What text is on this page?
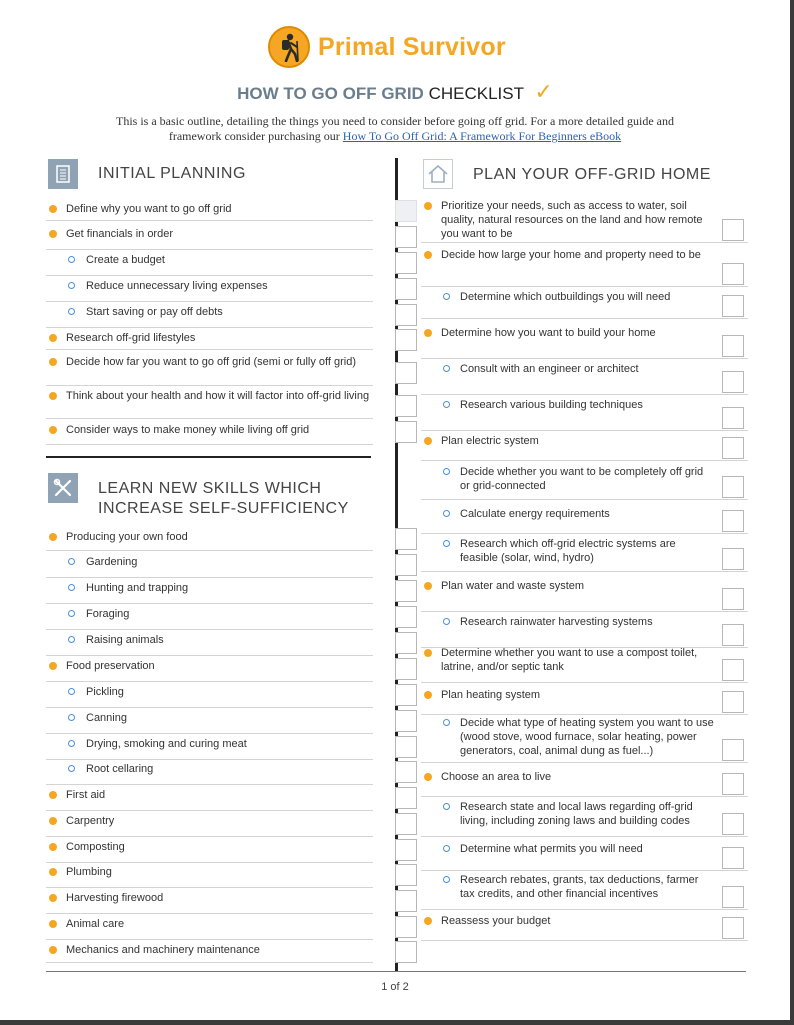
Primal Survivor
HOW TO GO OFF GRID CHECKLIST ✓
This is a basic outline, detailing the things you need to consider before going off grid. For a more detailed guide and framework consider purchasing our How To Go Off Grid: A Framework For Beginners eBook
INITIAL PLANNING
LEARN NEW SKILLS WHICH
INCREASE SELF-SUFFICIENCY
PLAN YOUR OFF-GRID HOME
Define why you want to go off grid
Get financials in order
Create a budget
Reduce unnecessary living expenses
Start saving or pay off debts
Research off-grid lifestyles
Decide how far you want to go off grid (semi or fully off grid)
Think about your health and how it will factor into off-grid living
Consider ways to make money while living off grid
Producing your own food
Gardening
Hunting and trapping
Foraging
Raising animals
Food preservation
Pickling
Canning
Drying, smoking and curing meat
Root cellaring
First aid
Carpentry
Composting
Plumbing
Harvesting firewood
Animal care
Mechanics and machinery maintenance
Prioritize your needs, such as access to water, soil quality, natural resources on the land and how remote you want to be
Decide how large your home and property need to be
Determine which outbuildings you will need
Determine how you want to build your home
Consult with an engineer or architect
Research various building techniques
Plan electric system
Decide whether you want to be completely off grid or grid-connected
Calculate energy requirements
Research which off-grid electric systems are feasible (solar, wind, hydro)
Plan water and waste system
Research rainwater harvesting systems
Determine whether you want to use a compost toilet, latrine, and/or septic tank
Plan heating system
Decide what type of heating system you want to use (wood stove, wood furnace, solar heating, power generators, coal, animal dung as fuel...)
Choose an area to live
Research state and local laws regarding off-grid living, including zoning laws and building codes
Determine what permits you will need
Research rebates, grants, tax deductions, farmer tax credits, and other financial incentives
Reassess your budget
1 of 2
